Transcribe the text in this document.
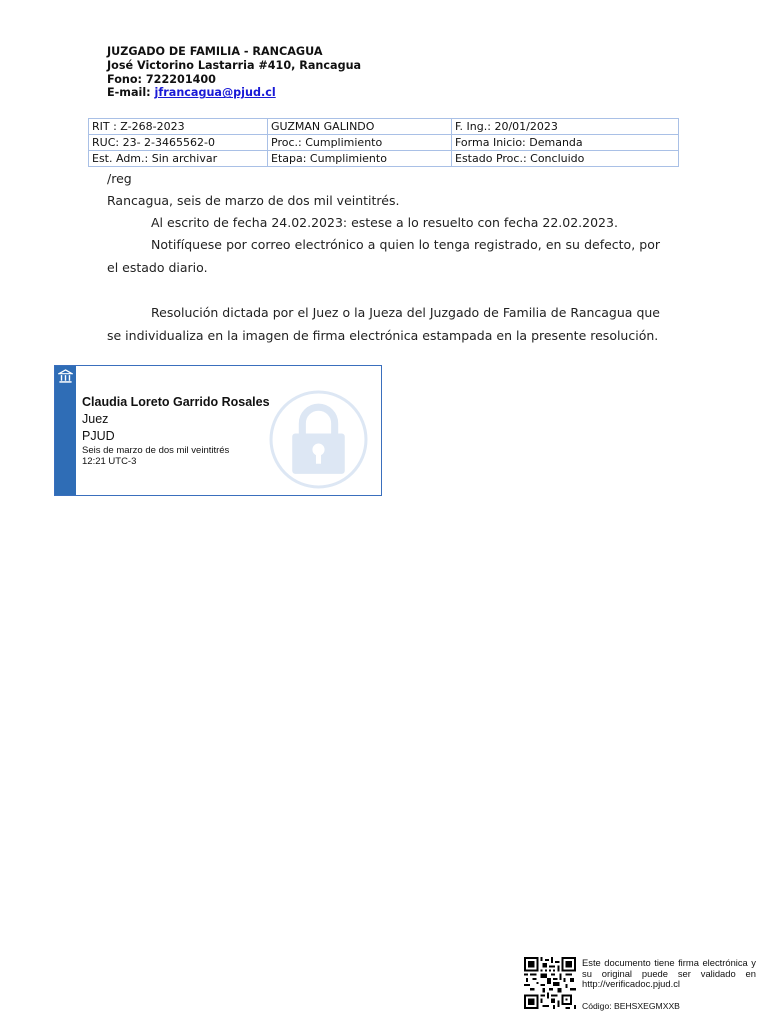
JUZGADO DE FAMILIA - RANCAGUA
José Victorino Lastarria #410, Rancagua
Fono: 722201400
E-mail: jfrancagua@pjud.cl
RIT : Z-268-2023	GUZMAN GALINDO	F. Ing.: 20/01/2023
RUC: 23- 2-3465562-0	Proc.: Cumplimiento	Forma Inicio: Demanda
Est. Adm.: Sin archivar	Etapa: Cumplimiento	Estado Proc.: Concluido
/reg
Rancagua, seis de marzo de dos mil veintitrés.
Al escrito de fecha 24.02.2023: estese a lo resuelto con fecha 22.02.2023.
Notifíquese por correo electrónico a quien lo tenga registrado, en su defecto, por el estado diario.
Resolución dictada por el Juez o la Jueza del Juzgado de Familia de Rancagua que se individualiza en la imagen de firma electrónica estampada en la presente resolución.
Claudia Loreto Garrido Rosales
Juez
PJUD
Seis de marzo de dos mil veintitrés
12:21 UTC-3
Este documento tiene firma electrónica y su original puede ser validado en http://verificadoc.pjud.cl
Código: BEHSXEGMXXB
